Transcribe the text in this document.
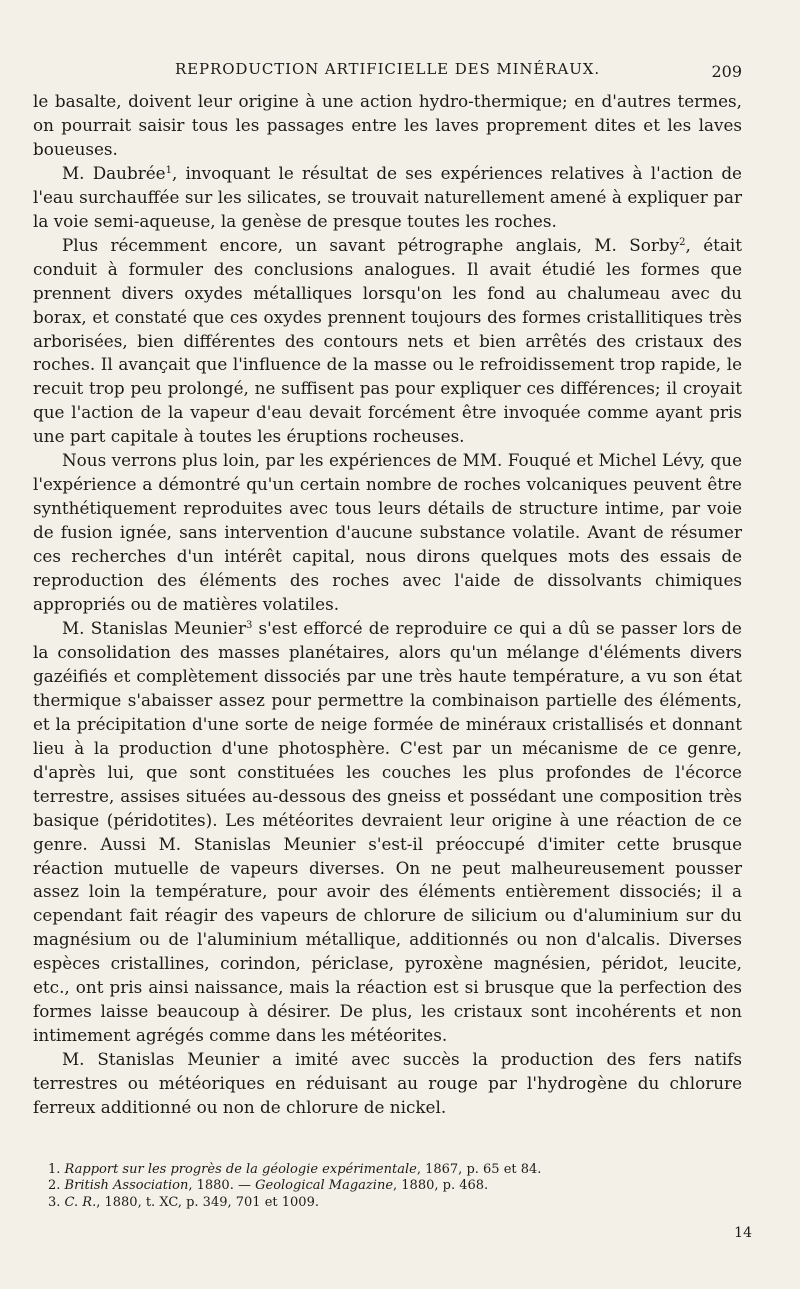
REPRODUCTION ARTIFICIELLE DES MINÉRAUX.	209

le basalte, doivent leur origine à une action hydro-thermique; en d'autres termes, on pourrait saisir tous les passages entre les laves proprement dites et les laves boueuses.

M. Daubrée$^1$, invoquant le résultat de ses expériences relatives à l'action de l'eau surchauffée sur les silicates, se trouvait naturellement amené à expliquer par la voie semi-aqueuse, la genèse de presque toutes les roches.

Plus récemment encore, un savant pétrographe anglais, M. Sorby$^2$, était conduit à formuler des conclusions analogues. Il avait étudié les formes que prennent divers oxydes métalliques lorsqu'on les fond au chalumeau avec du borax, et constaté que ces oxydes prennent toujours des formes cristallitiques très arborisées, bien différentes des contours nets et bien arrêtés des cristaux des roches. Il avançait que l'influence de la masse ou le refroidissement trop rapide, le recuit trop peu prolongé, ne suffisent pas pour expliquer ces différences; il croyait que l'action de la vapeur d'eau devait forcément être invoquée comme ayant pris une part capitale à toutes les éruptions rocheuses.

Nous verrons plus loin, par les expériences de MM. Fouqué et Michel Lévy, que l'expérience a démontré qu'un certain nombre de roches volcaniques peuvent être synthétiquement reproduites avec tous leurs détails de structure intime, par voie de fusion ignée, sans intervention d'aucune substance volatile. Avant de résumer ces recherches d'un intérêt capital, nous dirons quelques mots des essais de reproduction des éléments des roches avec l'aide de dissolvants chimiques appropriés ou de matières volatiles.

M. Stanislas Meunier$^3$ s'est efforcé de reproduire ce qui a dû se passer lors de la consolidation des masses planétaires, alors qu'un mélange d'éléments divers gazéifiés et complètement dissociés par une très haute température, a vu son état thermique s'abaisser assez pour permettre la combinaison partielle des éléments, et la précipitation d'une sorte de neige formée de minéraux cristallisés et donnant lieu à la production d'une photosphère. C'est par un mécanisme de ce genre, d'après lui, que sont constituées les couches les plus profondes de l'écorce terrestre, assises situées au-dessous des gneiss et possédant une composition très basique (péridotites). Les météorites devraient leur origine à une réaction de ce genre. Aussi M. Stanislas Meunier s'est-il préoccupé d'imiter cette brusque réaction mutuelle de vapeurs diverses. On ne peut malheureusement pousser assez loin la température, pour avoir des éléments entièrement dissociés; il a cependant fait réagir des vapeurs de chlorure de silicium ou d'aluminium sur du magnésium ou de l'aluminium métallique, additionnés ou non d'alcalis. Diverses espèces cristallines, corindon, périclase, pyroxène magnésien, péridot, leucite, etc., ont pris ainsi naissance, mais la réaction est si brusque que la perfection des formes laisse beaucoup à désirer. De plus, les cristaux sont incohérents et non intimement agrégés comme dans les météorites.

M. Stanislas Meunier a imité avec succès la production des fers natifs terrestres ou météoriques en réduisant au rouge par l'hydrogène du chlorure ferreux additionné ou non de chlorure de nickel.

1. Rapport sur les progrès de la géologie expérimentale, 1867, p. 65 et 84.
2. British Association, 1880. — Geological Magazine, 1880, p. 468.
3. C. R., 1880, t. XC, p. 349, 701 et 1009.
14
